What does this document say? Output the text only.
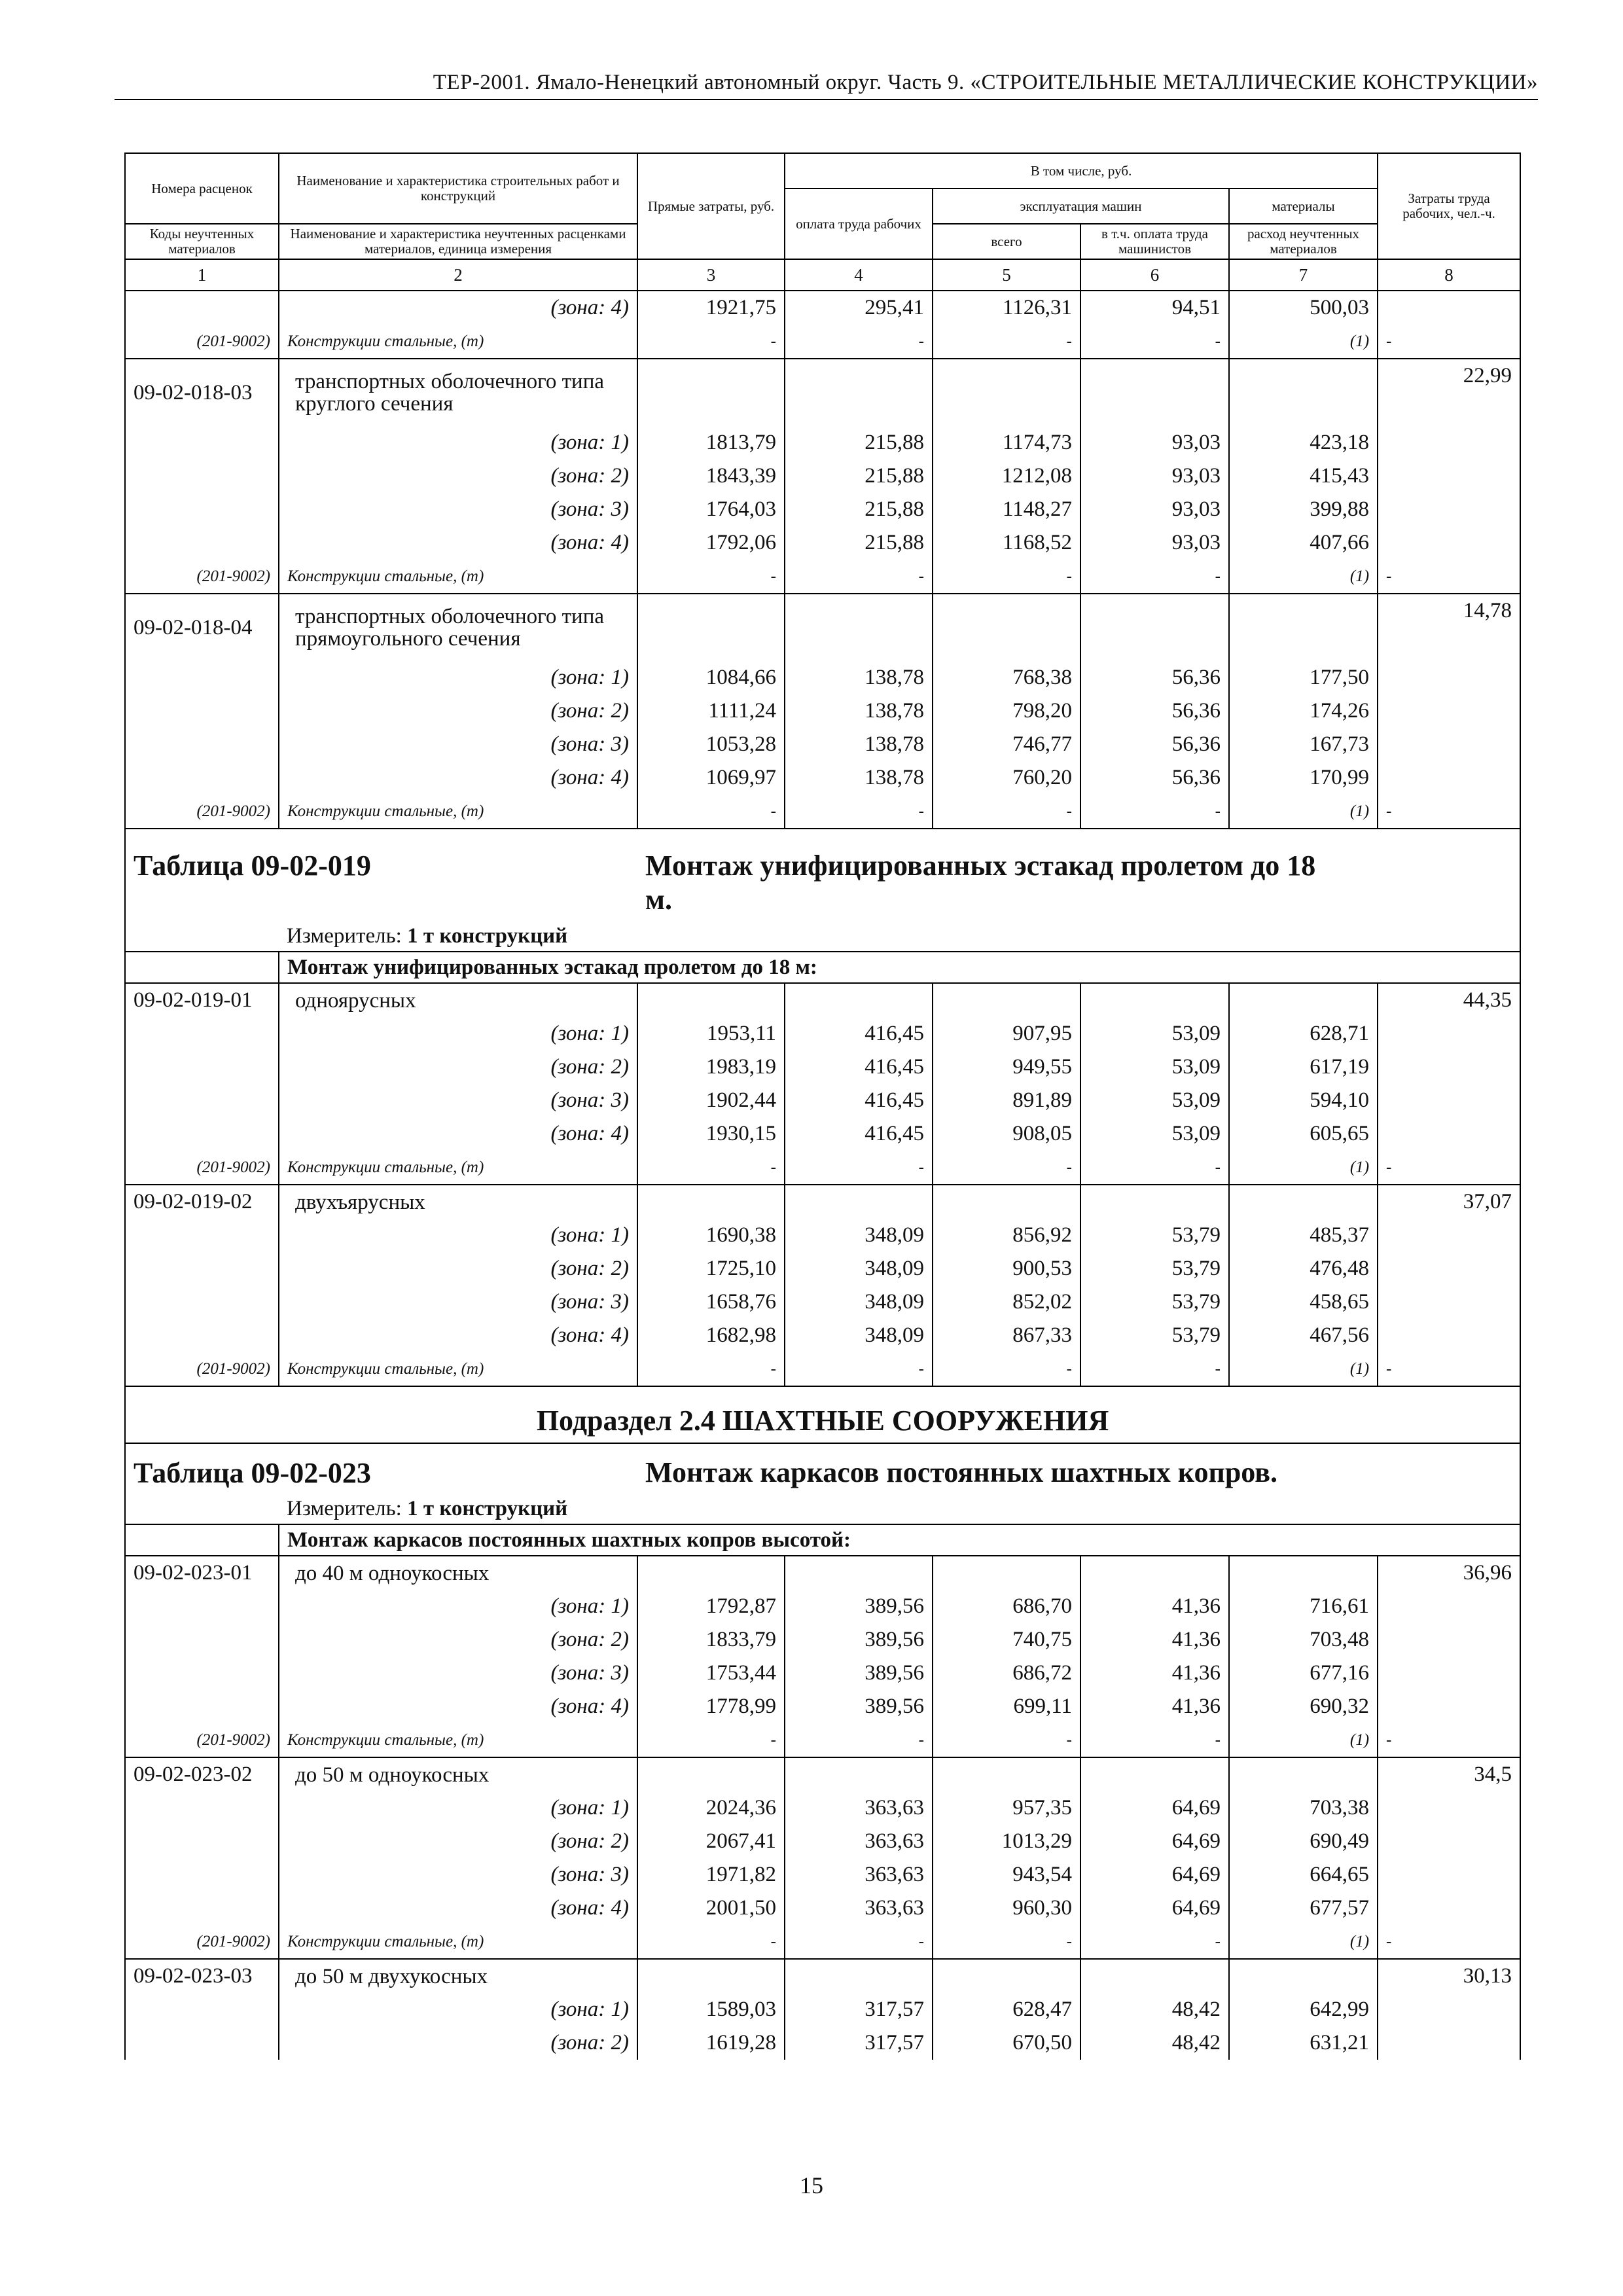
ТЕР-2001. Ямало-Ненецкий автономный округ. Часть 9. «СТРОИТЕЛЬНЫЕ МЕТАЛЛИЧЕСКИЕ КОНСТРУКЦИИ»
Номера расценок	Наименование и характеристика строительных работ и конструкций	Прямые затраты, руб.	В том числе, руб.				Затраты труда рабочих, чел.-ч.
			оплата труда рабочих	эксплуатация машин		материалы	
Коды неучтенных материалов	Наименование и характеристика неучтенных расценками материалов, единица измерения			всего	в т.ч. оплата труда машинистов	расход неучтенных материалов	
1	2	3	4	5	6	7	8
	(зона: 4)	1921,75	295,41	1126,31	94,51	500,03	
(201-9002)	Конструкции стальные, (т)	-	-	-	-	(1)	-
09-02-018-03	транспортных оболочечного типа круглого сечения						22,99

	(зона: 1)	1813,79	215,88	1174,73	93,03	423,18	
	(зона: 2)	1843,39	215,88	1212,08	93,03	415,43	
	(зона: 3)	1764,03	215,88	1148,27	93,03	399,88	
	(зона: 4)	1792,06	215,88	1168,52	93,03	407,66	
(201-9002)	Конструкции стальные, (т)	-	-	-	-	(1)	-
09-02-018-04	транспортных оболочечного типа прямоугольного сечения						14,78

	(зона: 1)	1084,66	138,78	768,38	56,36	177,50	
	(зона: 2)	1111,24	138,78	798,20	56,36	174,26	
	(зона: 3)	1053,28	138,78	746,77	56,36	167,73	
	(зона: 4)	1069,97	138,78	760,20	56,36	170,99	
(201-9002)	Конструкции стальные, (т)	-	-	-	-	(1)	-
Таблица 09-02-019		Монтаж унифицированных эстакад пролетом до 18 м.					
	Измеритель: 1 т конструкций						
	Монтаж унифицированных эстакад пролетом до 18 м:						
09-02-019-01	одноярусных						44,35
	(зона: 1)	1953,11	416,45	907,95	53,09	628,71	
	(зона: 2)	1983,19	416,45	949,55	53,09	617,19	
	(зона: 3)	1902,44	416,45	891,89	53,09	594,10	
	(зона: 4)	1930,15	416,45	908,05	53,09	605,65	
(201-9002)	Конструкции стальные, (т)	-	-	-	-	(1)	-
09-02-019-02	двухъярусных						37,07
	(зона: 1)	1690,38	348,09	856,92	53,79	485,37	
	(зона: 2)	1725,10	348,09	900,53	53,79	476,48	
	(зона: 3)	1658,76	348,09	852,02	53,79	458,65	
	(зона: 4)	1682,98	348,09	867,33	53,79	467,56	
(201-9002)	Конструкции стальные, (т)	-	-	-	-	(1)	-
Подраздел 2.4 ШАХТНЫЕ СООРУЖЕНИЯ							
Таблица 09-02-023		Монтаж каркасов постоянных шахтных копров.					
	Измеритель: 1 т конструкций						
	Монтаж каркасов постоянных шахтных копров высотой:						
09-02-023-01	до 40 м одноукосных						36,96
	(зона: 1)	1792,87	389,56	686,70	41,36	716,61	
	(зона: 2)	1833,79	389,56	740,75	41,36	703,48	
	(зона: 3)	1753,44	389,56	686,72	41,36	677,16	
	(зона: 4)	1778,99	389,56	699,11	41,36	690,32	
(201-9002)	Конструкции стальные, (т)	-	-	-	-	(1)	-
09-02-023-02	до 50 м одноукосных						34,5
	(зона: 1)	2024,36	363,63	957,35	64,69	703,38	
	(зона: 2)	2067,41	363,63	1013,29	64,69	690,49	
	(зона: 3)	1971,82	363,63	943,54	64,69	664,65	
	(зона: 4)	2001,50	363,63	960,30	64,69	677,57	
(201-9002)	Конструкции стальные, (т)	-	-	-	-	(1)	-
09-02-023-03	до 50 м двухукосных						30,13
	(зона: 1)	1589,03	317,57	628,47	48,42	642,99	
	(зона: 2)	1619,28	317,57	670,50	48,42	631,21	
15
